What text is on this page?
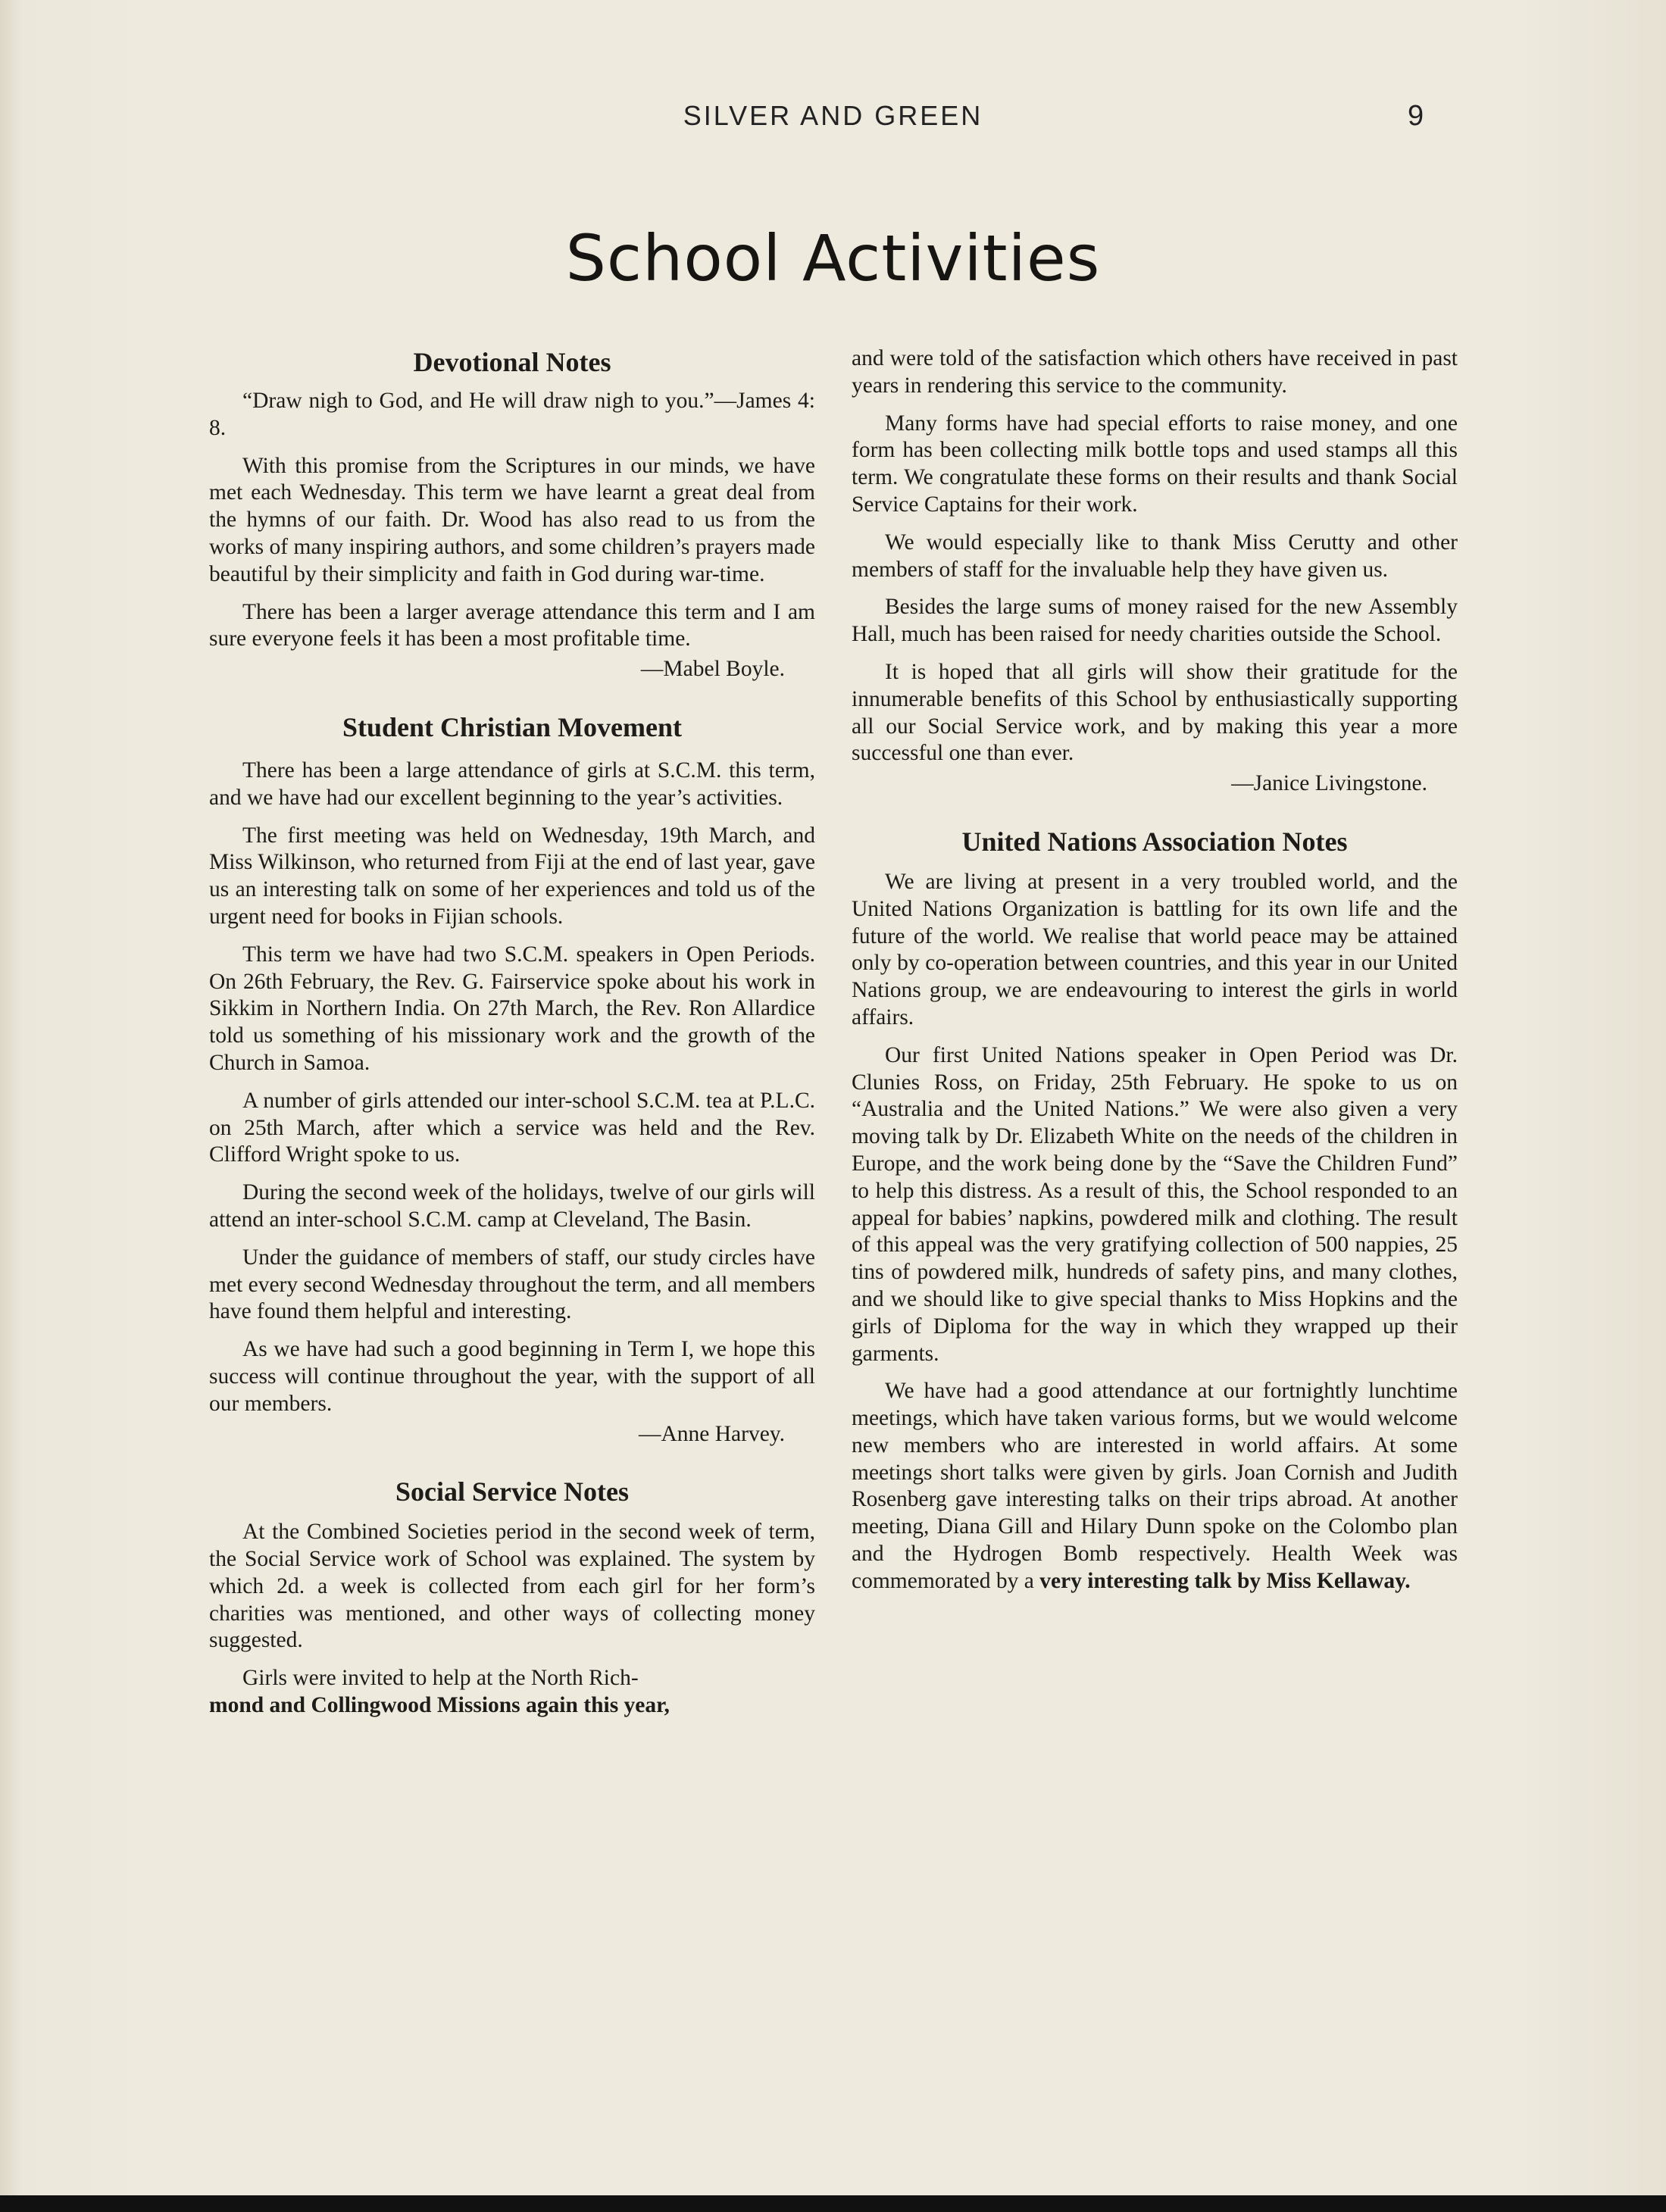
SILVER AND GREEN	9
School Activities
Devotional Notes

“Draw nigh to God, and He will draw nigh to you.”—James 4: 8.

With this promise from the Scriptures in our minds, we have met each Wednesday. This term we have learnt a great deal from the hymns of our faith. Dr. Wood has also read to us from the works of many inspiring authors, and some children’s prayers made beautiful by their simplicity and faith in God during war-time.

There has been a larger average attendance this term and I am sure everyone feels it has been a most profitable time.

—Mabel Boyle.

Student Christian Movement

There has been a large attendance of girls at S.C.M. this term, and we have had our excellent beginning to the year’s activities.

The first meeting was held on Wednesday, 19th March, and Miss Wilkinson, who returned from Fiji at the end of last year, gave us an interesting talk on some of her experiences and told us of the urgent need for books in Fijian schools.

This term we have had two S.C.M. speakers in Open Periods. On 26th February, the Rev. G. Fairservice spoke about his work in Sikkim in Northern India. On 27th March, the Rev. Ron Allardice told us something of his missionary work and the growth of the Church in Samoa.

A number of girls attended our inter-school S.C.M. tea at P.L.C. on 25th March, after which a service was held and the Rev. Clifford Wright spoke to us.

During the second week of the holidays, twelve of our girls will attend an inter-school S.C.M. camp at Cleveland, The Basin.

Under the guidance of members of staff, our study circles have met every second Wednesday throughout the term, and all members have found them helpful and interesting.

As we have had such a good beginning in Term I, we hope this success will continue throughout the year, with the support of all our members.

—Anne Harvey.

Social Service Notes

At the Combined Societies period in the second week of term, the Social Service work of School was explained. The system by which 2d. a week is collected from each girl for her form’s charities was mentioned, and other ways of collecting money suggested.

Girls were invited to help at the North Rich-
mond and Collingwood Missions again this year,

and were told of the satisfaction which others have received in past years in rendering this service to the community.

Many forms have had special efforts to raise money, and one form has been collecting milk bottle tops and used stamps all this term. We congratulate these forms on their results and thank Social Service Captains for their work.

We would especially like to thank Miss Cerutty and other members of staff for the invaluable help they have given us.

Besides the large sums of money raised for the new Assembly Hall, much has been raised for needy charities outside the School.

It is hoped that all girls will show their gratitude for the innumerable benefits of this School by enthusiastically supporting all our Social Service work, and by making this year a more successful one than ever.

—Janice Livingstone.

United Nations Association Notes

We are living at present in a very troubled world, and the United Nations Organization is battling for its own life and the future of the world. We realise that world peace may be attained only by co-operation between countries, and this year in our United Nations group, we are endeavouring to interest the girls in world affairs.

Our first United Nations speaker in Open Period was Dr. Clunies Ross, on Friday, 25th February. He spoke to us on “Australia and the United Nations.” We were also given a very moving talk by Dr. Elizabeth White on the needs of the children in Europe, and the work being done by the “Save the Children Fund” to help this distress. As a result of this, the School responded to an appeal for babies’ napkins, powdered milk and clothing. The result of this appeal was the very gratifying collection of 500 nappies, 25 tins of powdered milk, hundreds of safety pins, and many clothes, and we should like to give special thanks to Miss Hopkins and the girls of Diploma for the way in which they wrapped up their garments.

We have had a good attendance at our fortnightly lunchtime meetings, which have taken various forms, but we would welcome new members who are interested in world affairs. At some meetings short talks were given by girls. Joan Cornish and Judith Rosenberg gave interesting talks on their trips abroad. At another meeting, Diana Gill and Hilary Dunn spoke on the Colombo plan and the Hydrogen Bomb respectively. Health Week was commemorated by a very interesting talk by Miss Kellaway.
